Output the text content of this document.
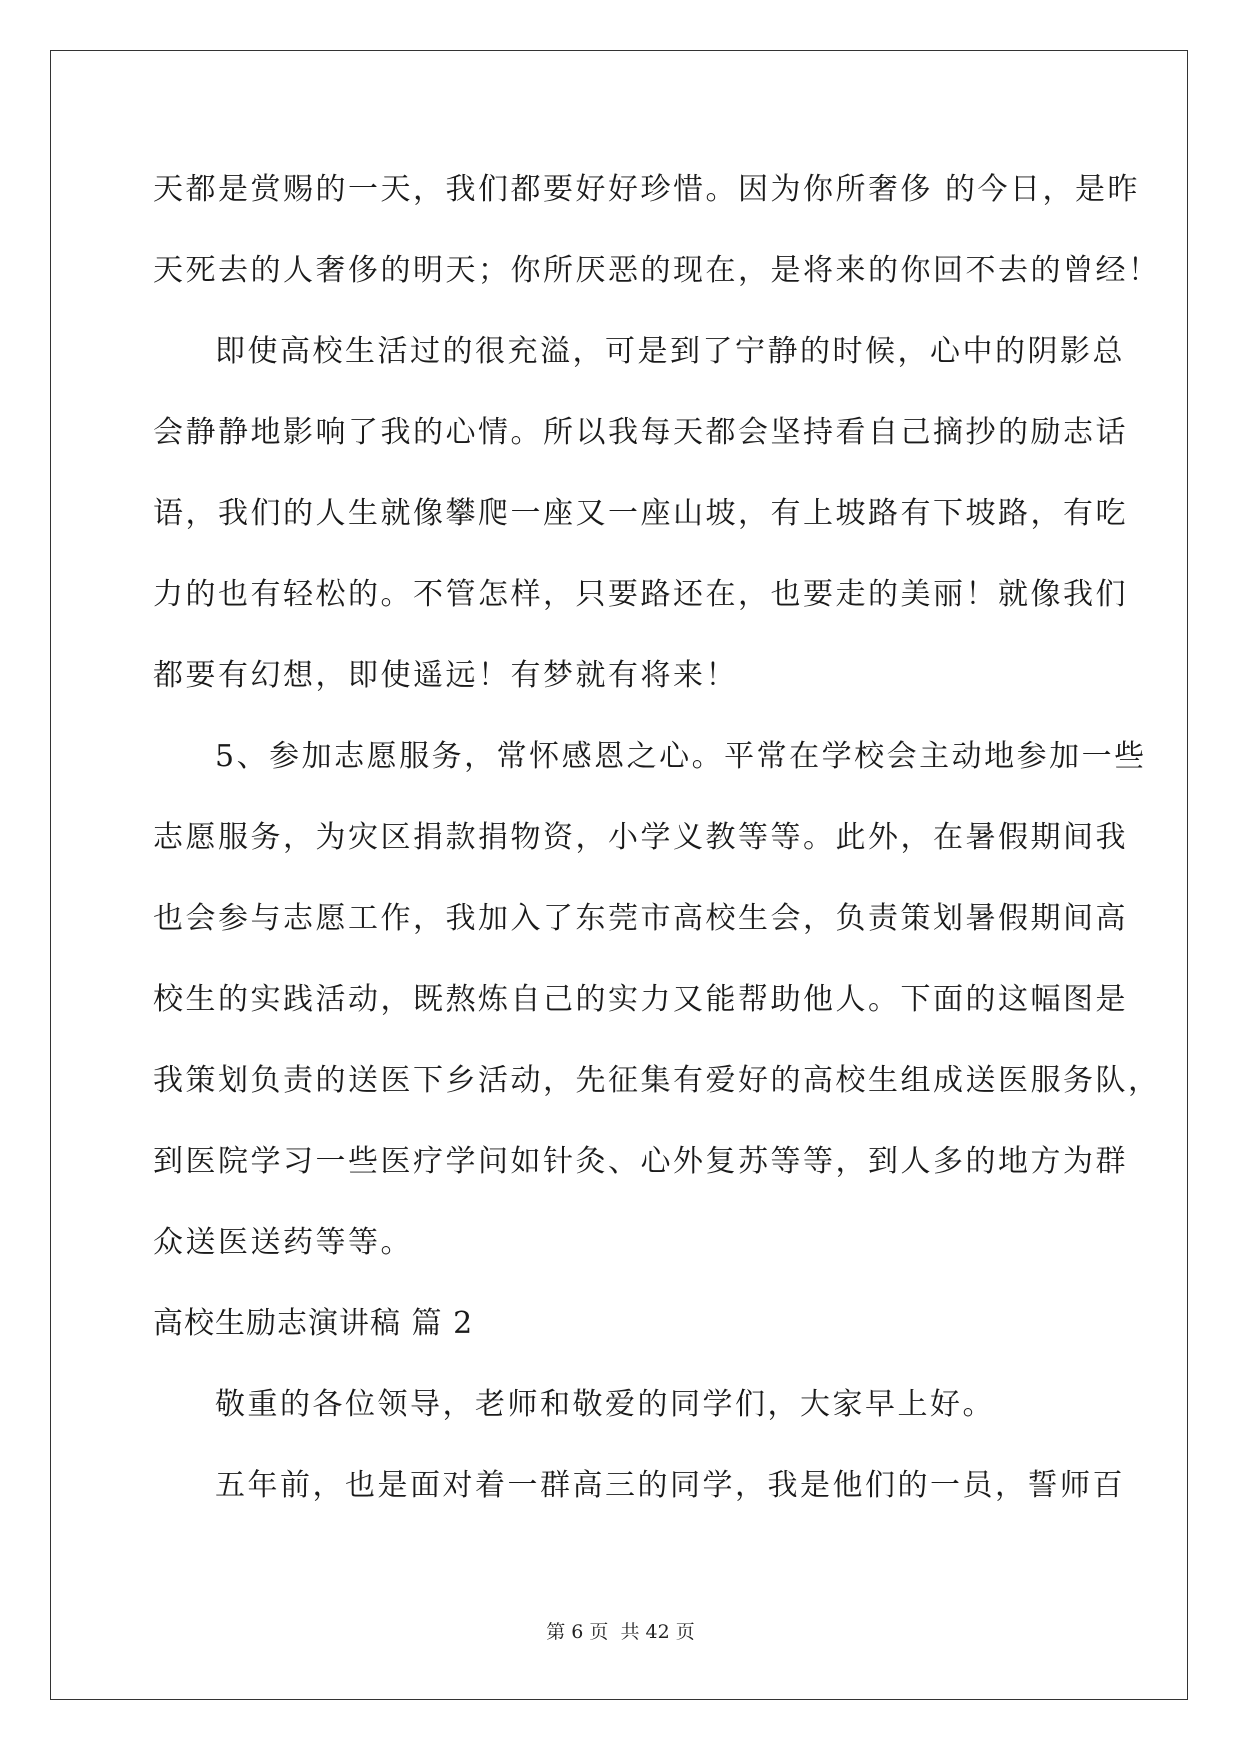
天都是赏赐的一天，我们都要好好珍惜。因为你所奢侈 的今日，是昨
天死去的人奢侈的明天；你所厌恶的现在，是将来的你回不去的曾经！
即使高校生活过的很充溢，可是到了宁静的时候，心中的阴影总
会静静地影响了我的心情。所以我每天都会坚持看自己摘抄的励志话
语，我们的人生就像攀爬一座又一座山坡，有上坡路有下坡路，有吃
力的也有轻松的。不管怎样，只要路还在，也要走的美丽！就像我们
都要有幻想，即使遥远！有梦就有将来！
5、参加志愿服务，常怀感恩之心。平常在学校会主动地参加一些
志愿服务，为灾区捐款捐物资，小学义教等等。此外，在暑假期间我
也会参与志愿工作，我加入了东莞市高校生会，负责策划暑假期间高
校生的实践活动，既熬炼自己的实力又能帮助他人。下面的这幅图是
我策划负责的送医下乡活动，先征集有爱好的高校生组成送医服务队，
到医院学习一些医疗学问如针灸、心外复苏等等，到人多的地方为群
众送医送药等等。
高校生励志演讲稿 篇 2
敬重的各位领导，老师和敬爱的同学们，大家早上好。
五年前，也是面对着一群高三的同学，我是他们的一员，誓师百
第 6 页 共 42 页
